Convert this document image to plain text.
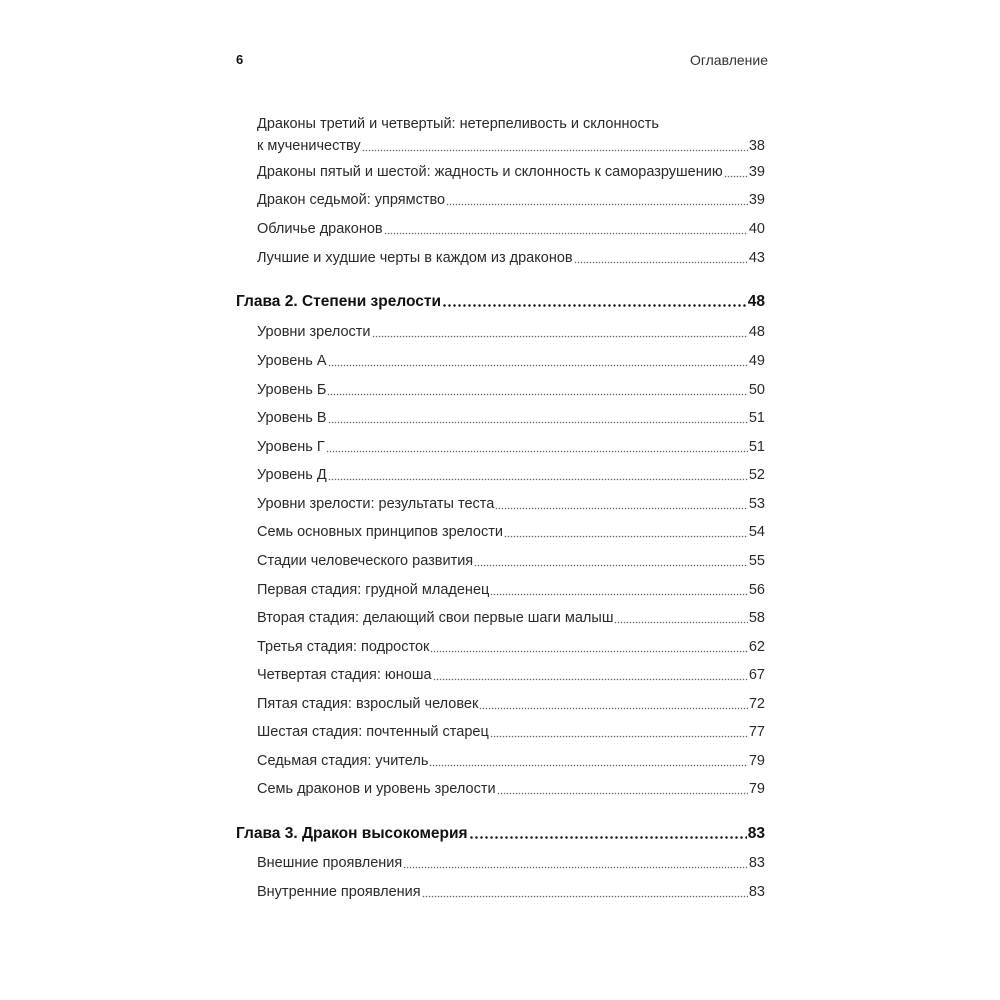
6	Оглавление
Драконы третий и четвертый: нетерпеливость и склонность
к мученичеству	38
Драконы пятый и шестой: жадность и склонность к саморазрушению 39
Дракон седьмой: упрямство	39
Обличье драконов	40
Лучшие и худшие черты в каждом из драконов	43
Глава 2. Степени зрелости	48
Уровни зрелости	48
Уровень А	49
Уровень Б	50
Уровень В	51
Уровень Г	51
Уровень Д	52
Уровни зрелости: результаты теста	53
Семь основных принципов зрелости	54
Стадии человеческого развития	55
Первая стадия: грудной младенец	56
Вторая стадия: делающий свои первые шаги малыш	58
Третья стадия: подросток	62
Четвертая стадия: юноша	67
Пятая стадия: взрослый человек	72
Шестая стадия: почтенный старец	77
Седьмая стадия: учитель	79
Семь драконов и уровень зрелости	79
Глава 3. Дракон высокомерия	83
Внешние проявления	83
Внутренние проявления	83
